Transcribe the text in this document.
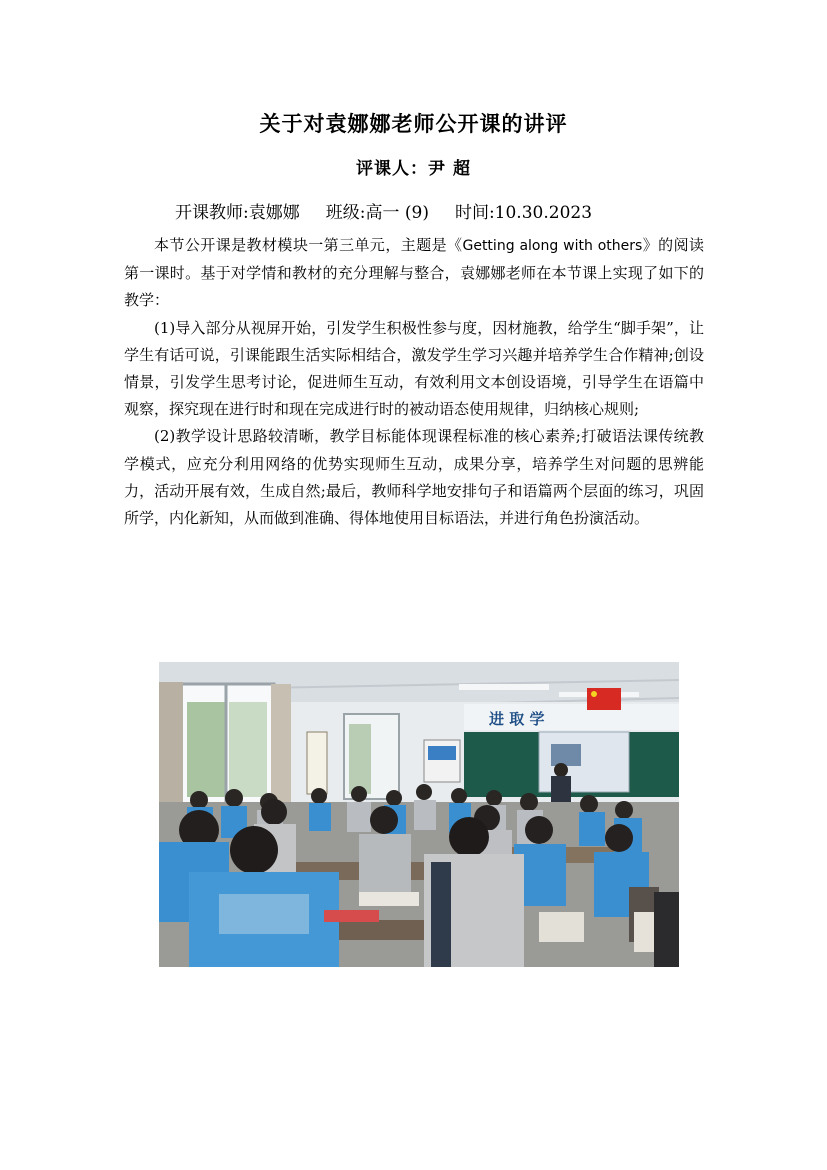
关于对袁娜娜老师公开课的讲评
评课人：尹 超
开课教师:袁娜娜 班级:高一 (9) 时间:10.30.2023

本节公开课是教材模块一第三单元，主题是《Getting along with others》的阅读第一课时。基于对学情和教材的充分理解与整合，袁娜娜老师在本节课上实现了如下的教学：

(1)导入部分从视屏开始，引发学生积极性参与度，因材施教，给学生“脚手架”，让学生有话可说，引课能跟生活实际相结合，激发学生学习兴趣并培养学生合作精神;创设情景，引发学生思考讨论，促进师生互动，有效利用文本创设语境，引导学生在语篇中观察，探究现在进行时和现在完成进行时的被动语态使用规律，归纳核心规则;

(2)教学设计思路较清晰，教学目标能体现课程标准的核心素养;打破语法课传统教学模式，应充分利用网络的优势实现师生互动，成果分享，培养学生对问题的思辨能力，活动开展有效，生成自然;最后，教师科学地安排句子和语篇两个层面的练习，巩固所学，内化新知，从而做到准确、得体地使用目标语法，并进行角色扮演活动。

进 取 学
